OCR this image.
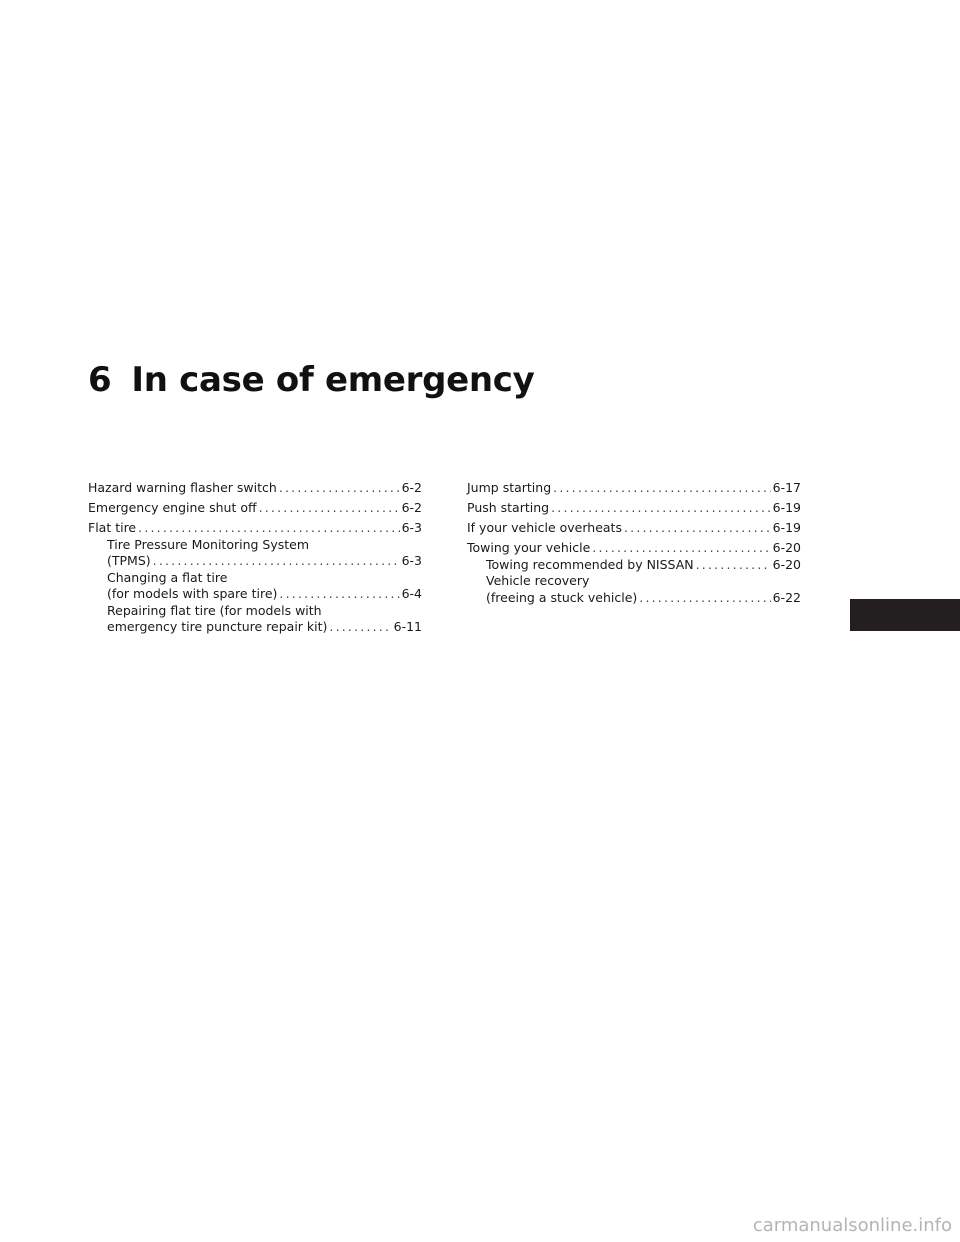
6 In case of emergency
Hazard warning flasher switch .....	6-2
Emergency engine shut off .....	6-2
Flat tire .....	6-3
Tire Pressure Monitoring System
(TPMS) .....	6-3
Changing a flat tire
(for models with spare tire) .....	6-4
Repairing flat tire (for models with
emergency tire puncture repair kit) .....	6-11
Jump starting .....	6-17
Push starting .....	6-19
If your vehicle overheats .....	6-19
Towing your vehicle .....	6-20
Towing recommended by NISSAN .....	6-20
Vehicle recovery
(freeing a stuck vehicle) .....	6-22
carmanualsonline.info
